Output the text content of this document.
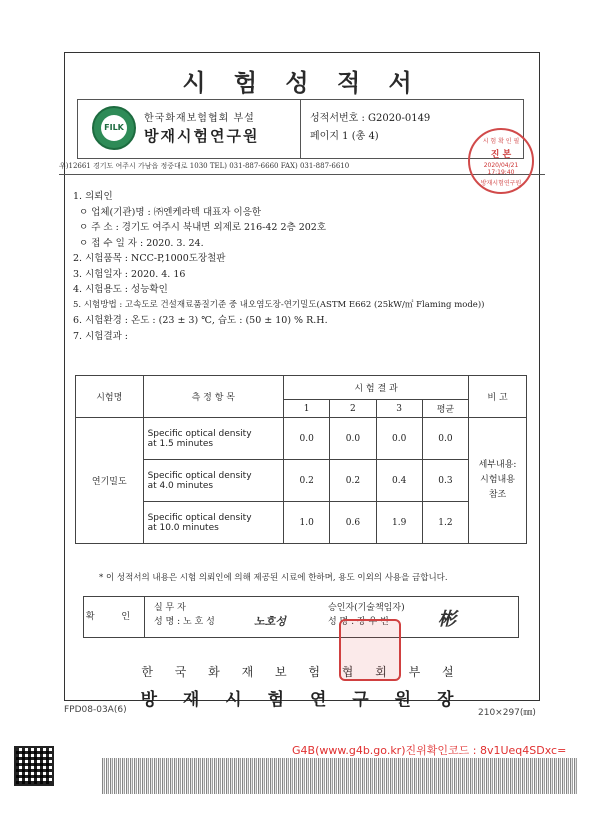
시 험 성 적 서
FILK
한국화재보험협회 부설
방재시험연구원
성적서번호 : G2020-0149
페이지 1 (총 4)
우)12661 경기도 여주시 가남읍 정중대로 1030 TEL) 031-887-6660 FAX) 031-887-6610
1. 의뢰인
ㅇ 업체(기관)명 : ㈜엔케라텍 대표자 이응한
ㅇ 주 소 : 경기도 여주시 북내면 외제로 216-42 2층 202호
ㅇ 접 수 일 자 : 2020. 3. 24.
2. 시험품목 : NCC-P,1000도장철판
3. 시험일자 : 2020. 4. 16
4. 시험용도 : 성능확인
5. 시험방법 : 고속도로 건설재료품질기준 중 내오염도장-연기밀도(ASTM E662 (25kW/㎡ Flaming mode))
6. 시험환경 : 온도 : (23 ± 3) ℃, 습도 : (50 ± 10) % R.H.
7. 시험결과 :
시험명	측 정 항 목	시 험 결 과				비 고
		1	2	3	평균	
연기밀도	Specific optical density
at 1.5 minutes	0.0	0.0	0.0	0.0	세부내용:
시험내용
참조
	Specific optical density
at 4.0 minutes	0.2	0.2	0.4	0.3	
	Specific optical density
at 10.0 minutes	1.0	0.6	1.9	1.2	
* 이 성적서의 내용은 시험 의뢰인에 의해 제공된 시료에 한하며, 용도 이외의 사용을 금합니다.
확 인
실 무 자
성 명 : 노 호 성	노호성
승인자(기술책임자)
성 명 : 장 우 빈	彬
한 국 화 재 보 험 협 회 부 설
방 재 시 험 연 구 원 장
시 험 확 인 필
진 본
2020/04/21 17:19:40
방재시험연구원
FPD08-03A(6)	210×297(㎜)
G4B(www.g4b.go.kr)진위확인코드 : 8v1Ueq4SDxc=
